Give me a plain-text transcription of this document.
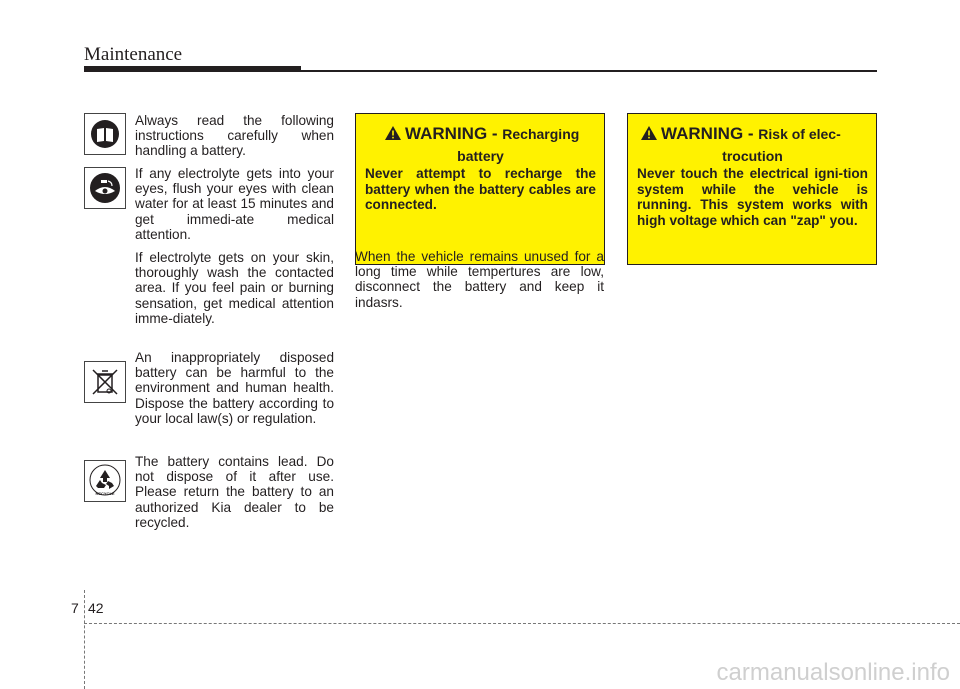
Maintenance
RECYCLE

Always read the following instructions carefully when handling a battery.

If any electrolyte gets into your eyes, flush your eyes with clean water for at least 15 minutes and get immedi-ate medical attention.

If electrolyte gets on your skin, thoroughly wash the contacted area. If you feel pain or burning sensation, get medical attention imme-diately.

An inappropriately disposed battery can be harmful to the environment and human health. Dispose the battery according to your local law(s) or regulation.

The battery contains lead. Do not dispose of it after use. Please return the battery to an authorized Kia dealer to be recycled.

WARNING - Recharging
battery

Never attempt to recharge the battery when the battery cables are connected.

WARNING - Risk of elec-
trocution

Never touch the electrical igni-tion system while the vehicle is running. This system works with high voltage which can "zap" you.

When the vehicle remains unused for a long time while tempertures are low, disconnect the battery and keep it indasrs.

7 42
carmanualsonline.info
